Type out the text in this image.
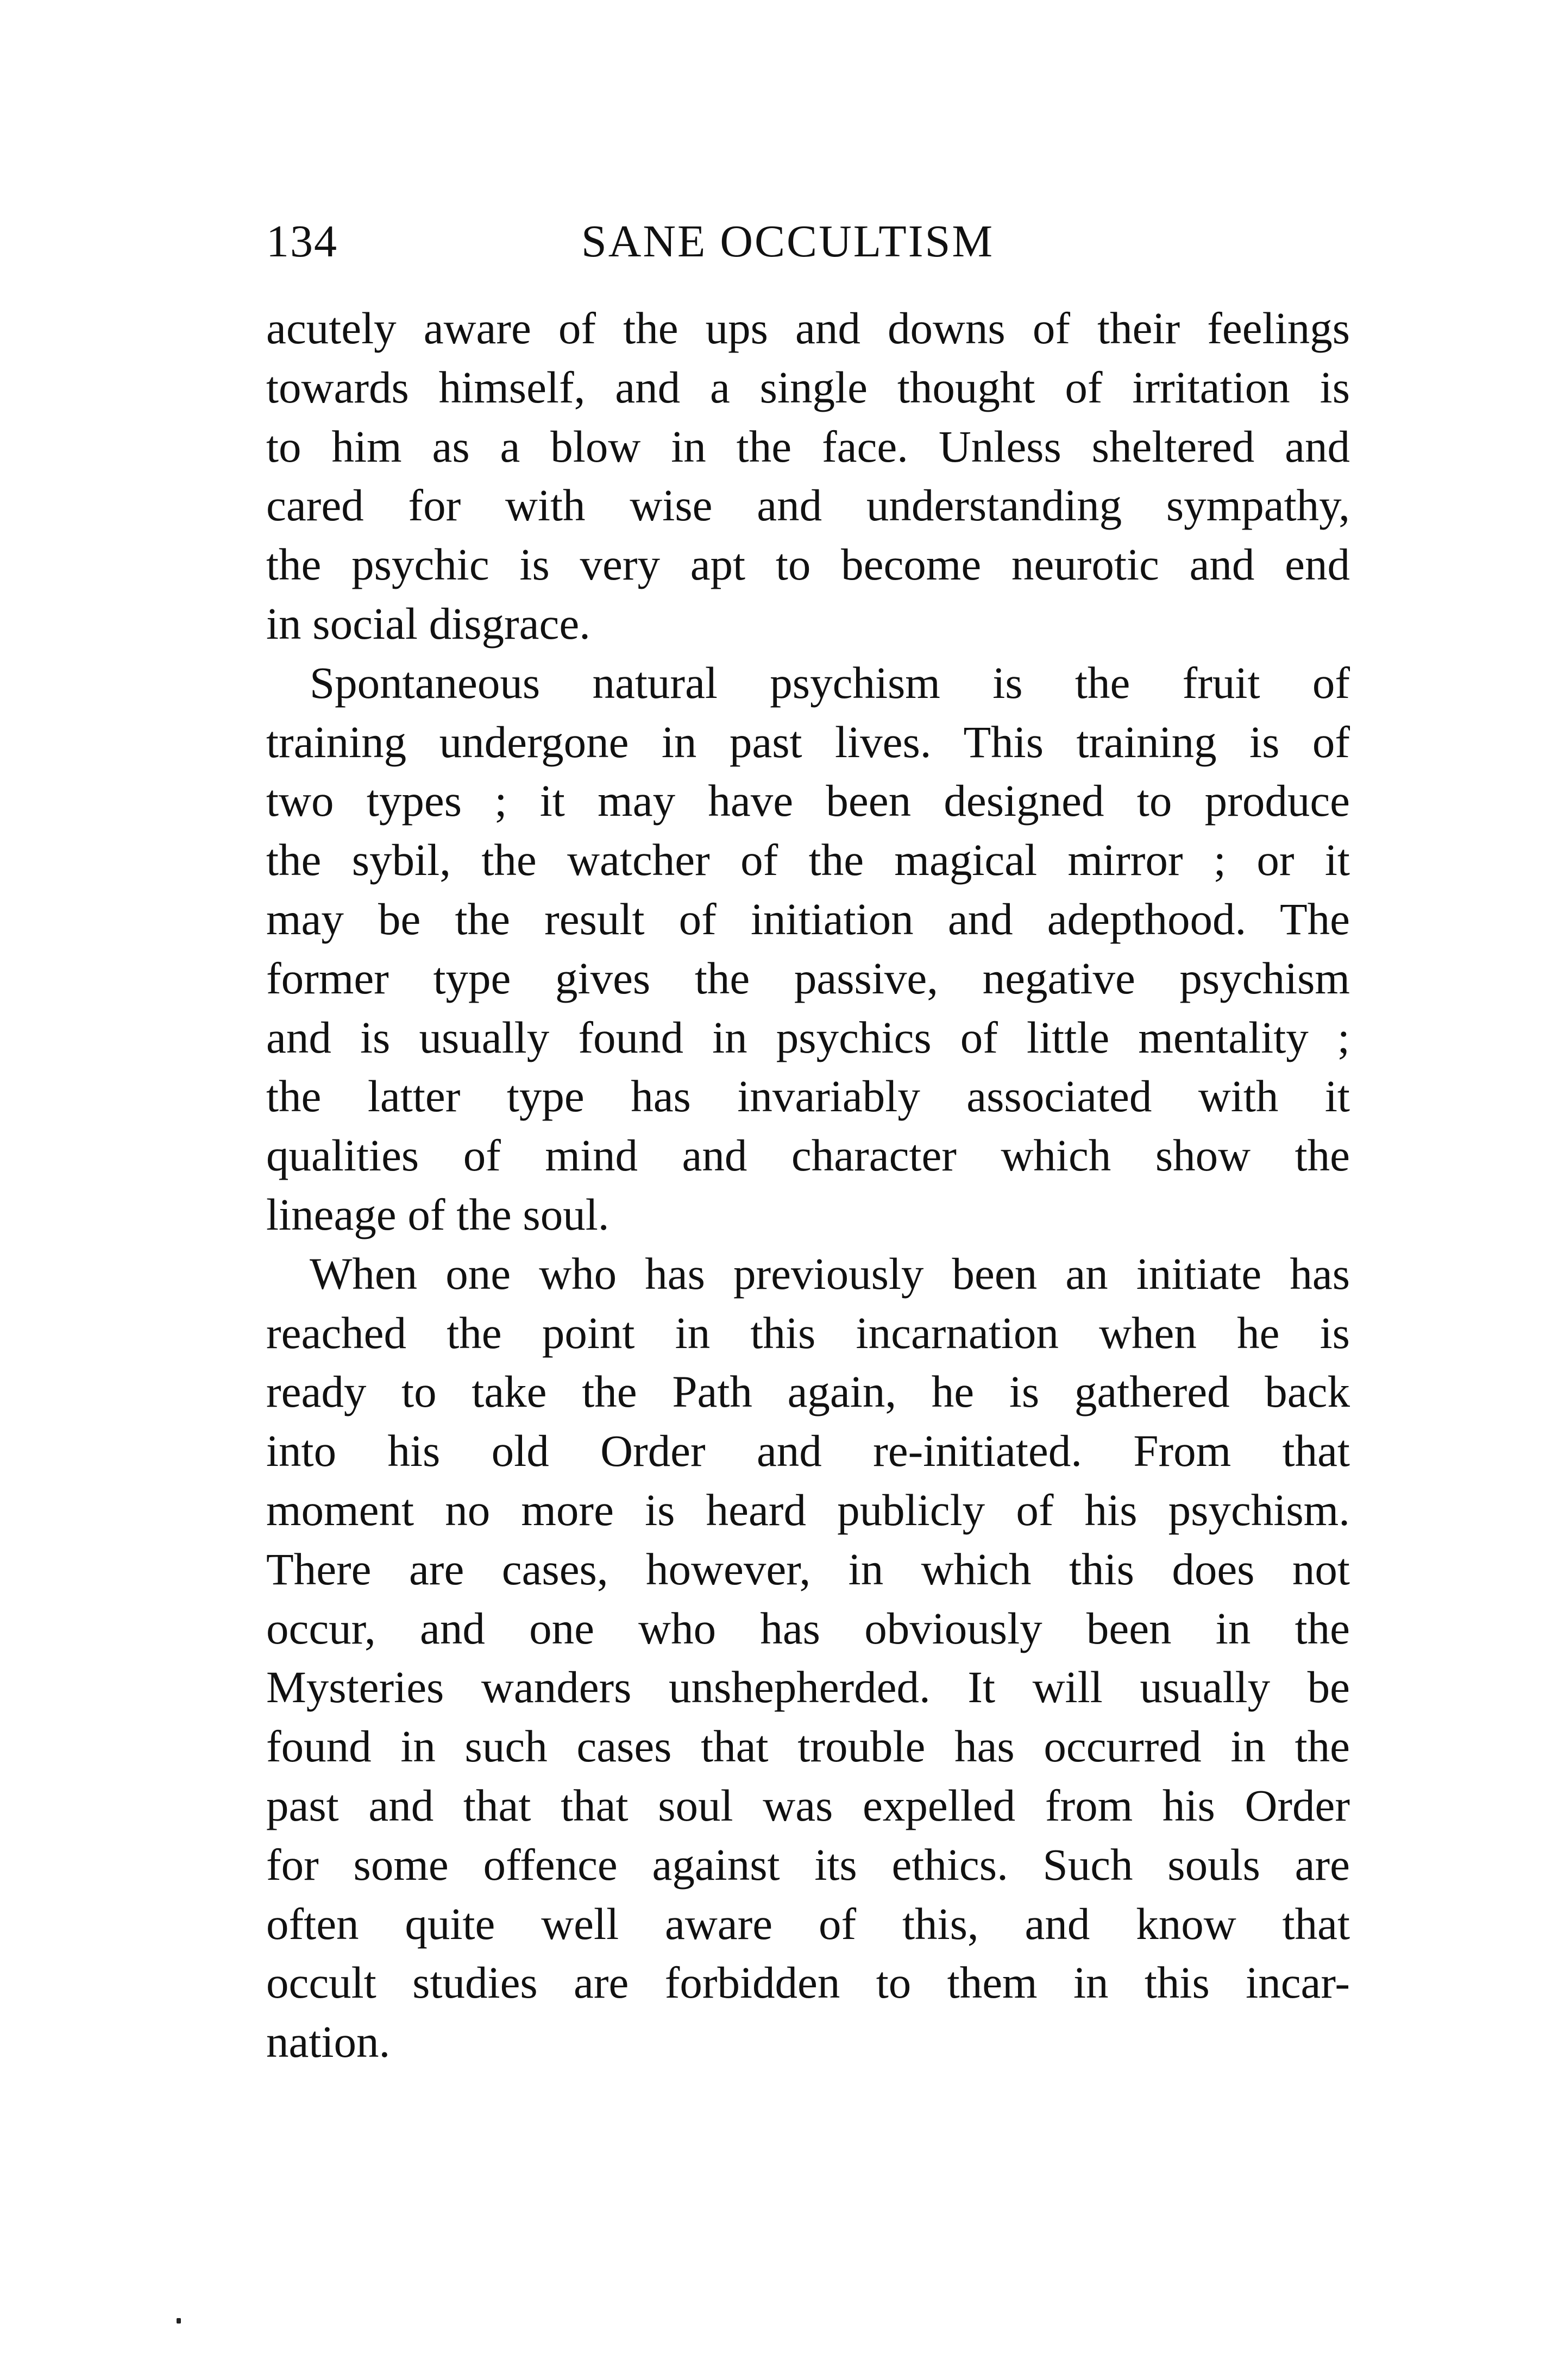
134	SANE OCCULTISM

acutely aware of the ups and downs of their feelings
towards himself, and a single thought of irritation is
to him as a blow in the face. Unless sheltered and
cared for with wise and understanding sympathy,
the psychic is very apt to become neurotic and end
in social disgrace.

Spontaneous natural psychism is the fruit of
training undergone in past lives. This training is of
two types ; it may have been designed to produce
the sybil, the watcher of the magical mirror ; or it
may be the result of initiation and adepthood. The
former type gives the passive, negative psychism
and is usually found in psychics of little mentality ;
the latter type has invariably associated with it
qualities of mind and character which show the
lineage of the soul.

When one who has previously been an initiate has
reached the point in this incarnation when he is
ready to take the Path again, he is gathered back
into his old Order and re-initiated. From that
moment no more is heard publicly of his psychism.
There are cases, however, in which this does not
occur, and one who has obviously been in the
Mysteries wanders unshepherded. It will usually be
found in such cases that trouble has occurred in the
past and that that soul was expelled from his Order
for some offence against its ethics. Such souls are
often quite well aware of this, and know that
occult studies are forbidden to them in this incar-
nation.
